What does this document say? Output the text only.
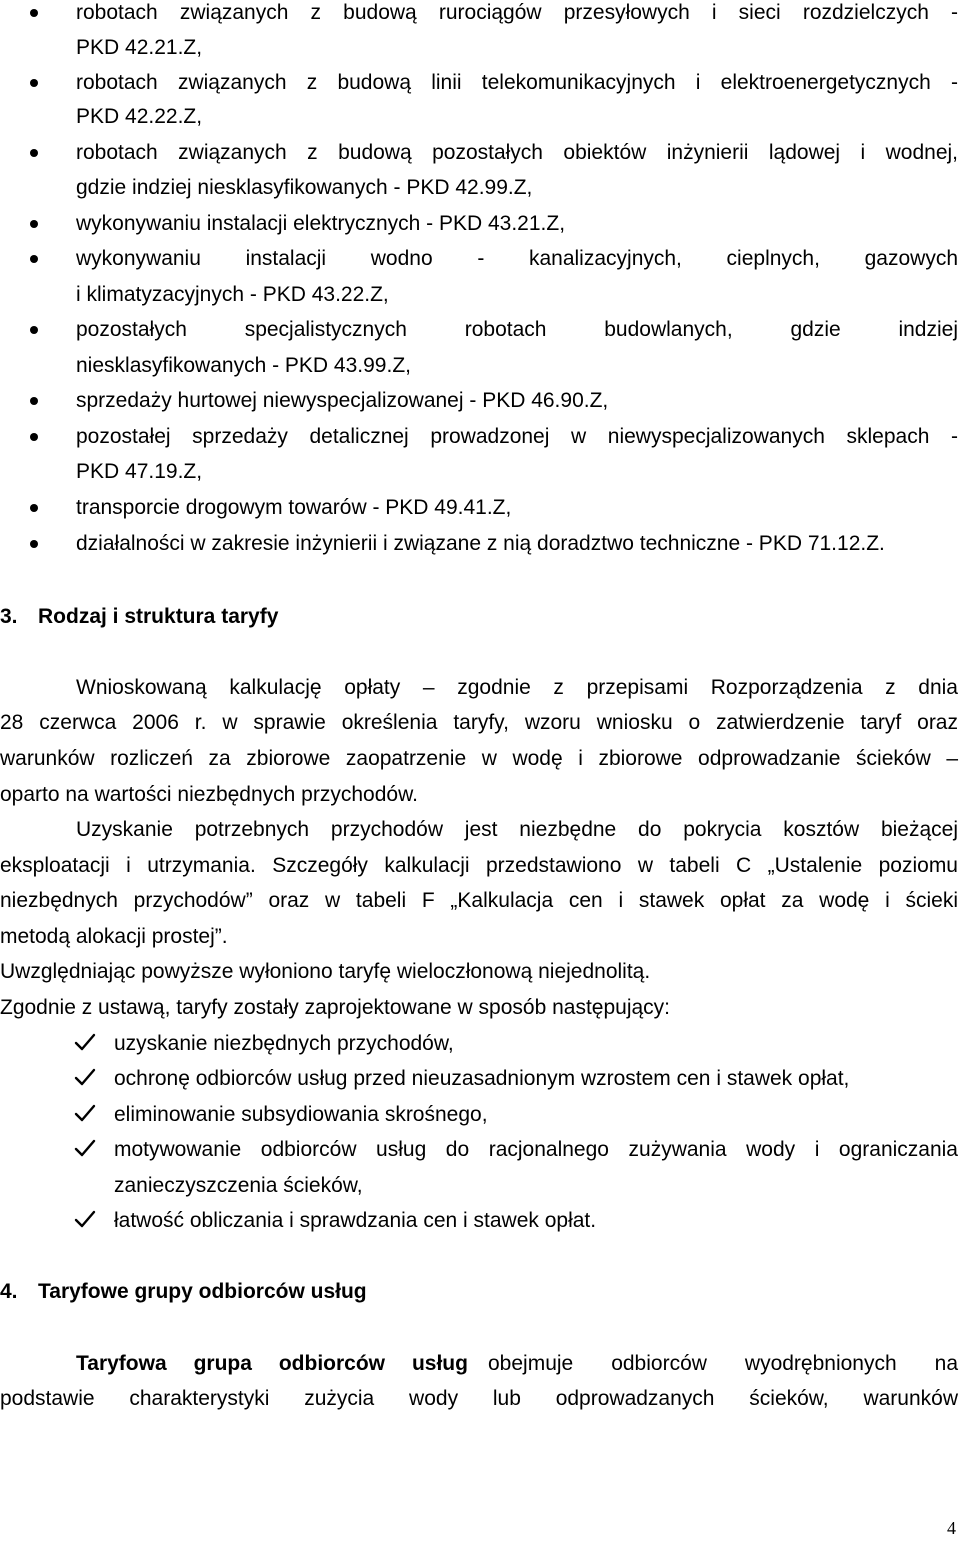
robotach związanych z budową rurociągów przesyłowych i sieci rozdzielczych -
PKD 42.21.Z,
robotach związanych z budową linii telekomunikacyjnych i elektroenergetycznych -
PKD 42.22.Z,
robotach związanych z budową pozostałych obiektów inżynierii lądowej i wodnej,
gdzie indziej niesklasyfikowanych - PKD 42.99.Z,
wykonywaniu instalacji elektrycznych - PKD 43.21.Z,
wykonywaniu instalacji wodno - kanalizacyjnych, cieplnych, gazowych
i klimatyzacyjnych - PKD 43.22.Z,
pozostałych specjalistycznych robotach budowlanych, gdzie indziej
niesklasyfikowanych - PKD 43.99.Z,
sprzedaży hurtowej niewyspecjalizowanej - PKD 46.90.Z,
pozostałej sprzedaży detalicznej prowadzonej w niewyspecjalizowanych sklepach -
PKD 47.19.Z,
transporcie drogowym towarów - PKD 49.41.Z,
działalności w zakresie inżynierii i związane z nią doradztwo techniczne - PKD 71.12.Z.
3. Rodzaj i struktura taryfy
Wnioskowaną kalkulację opłaty – zgodnie z przepisami Rozporządzenia z dnia
28 czerwca 2006 r. w sprawie określenia taryfy, wzoru wniosku o zatwierdzenie taryf oraz
warunków rozliczeń za zbiorowe zaopatrzenie w wodę i zbiorowe odprowadzanie ścieków –
oparto na wartości niezbędnych przychodów.
Uzyskanie potrzebnych przychodów jest niezbędne do pokrycia kosztów bieżącej
eksploatacji i utrzymania. Szczegóły kalkulacji przedstawiono w tabeli C „Ustalenie poziomu
niezbędnych przychodów” oraz w tabeli F „Kalkulacja cen i stawek opłat za wodę i ścieki
metodą alokacji prostej”.
Uwzględniając powyższe wyłoniono taryfę wieloczłonową niejednolitą.
Zgodnie z ustawą, taryfy zostały zaprojektowane w sposób następujący:
uzyskanie niezbędnych przychodów,
ochronę odbiorców usług przed nieuzasadnionym wzrostem cen i stawek opłat,
eliminowanie subsydiowania skrośnego,
motywowanie odbiorców usług do racjonalnego zużywania wody i ograniczania
zanieczyszczenia ścieków,
łatwość obliczania i sprawdzania cen i stawek opłat.
4. Taryfowe grupy odbiorców usług
Taryfowa grupa odbiorców usług obejmuje odbiorców wyodrębnionych na
podstawie charakterystyki zużycia wody lub odprowadzanych ścieków, warunków
4
